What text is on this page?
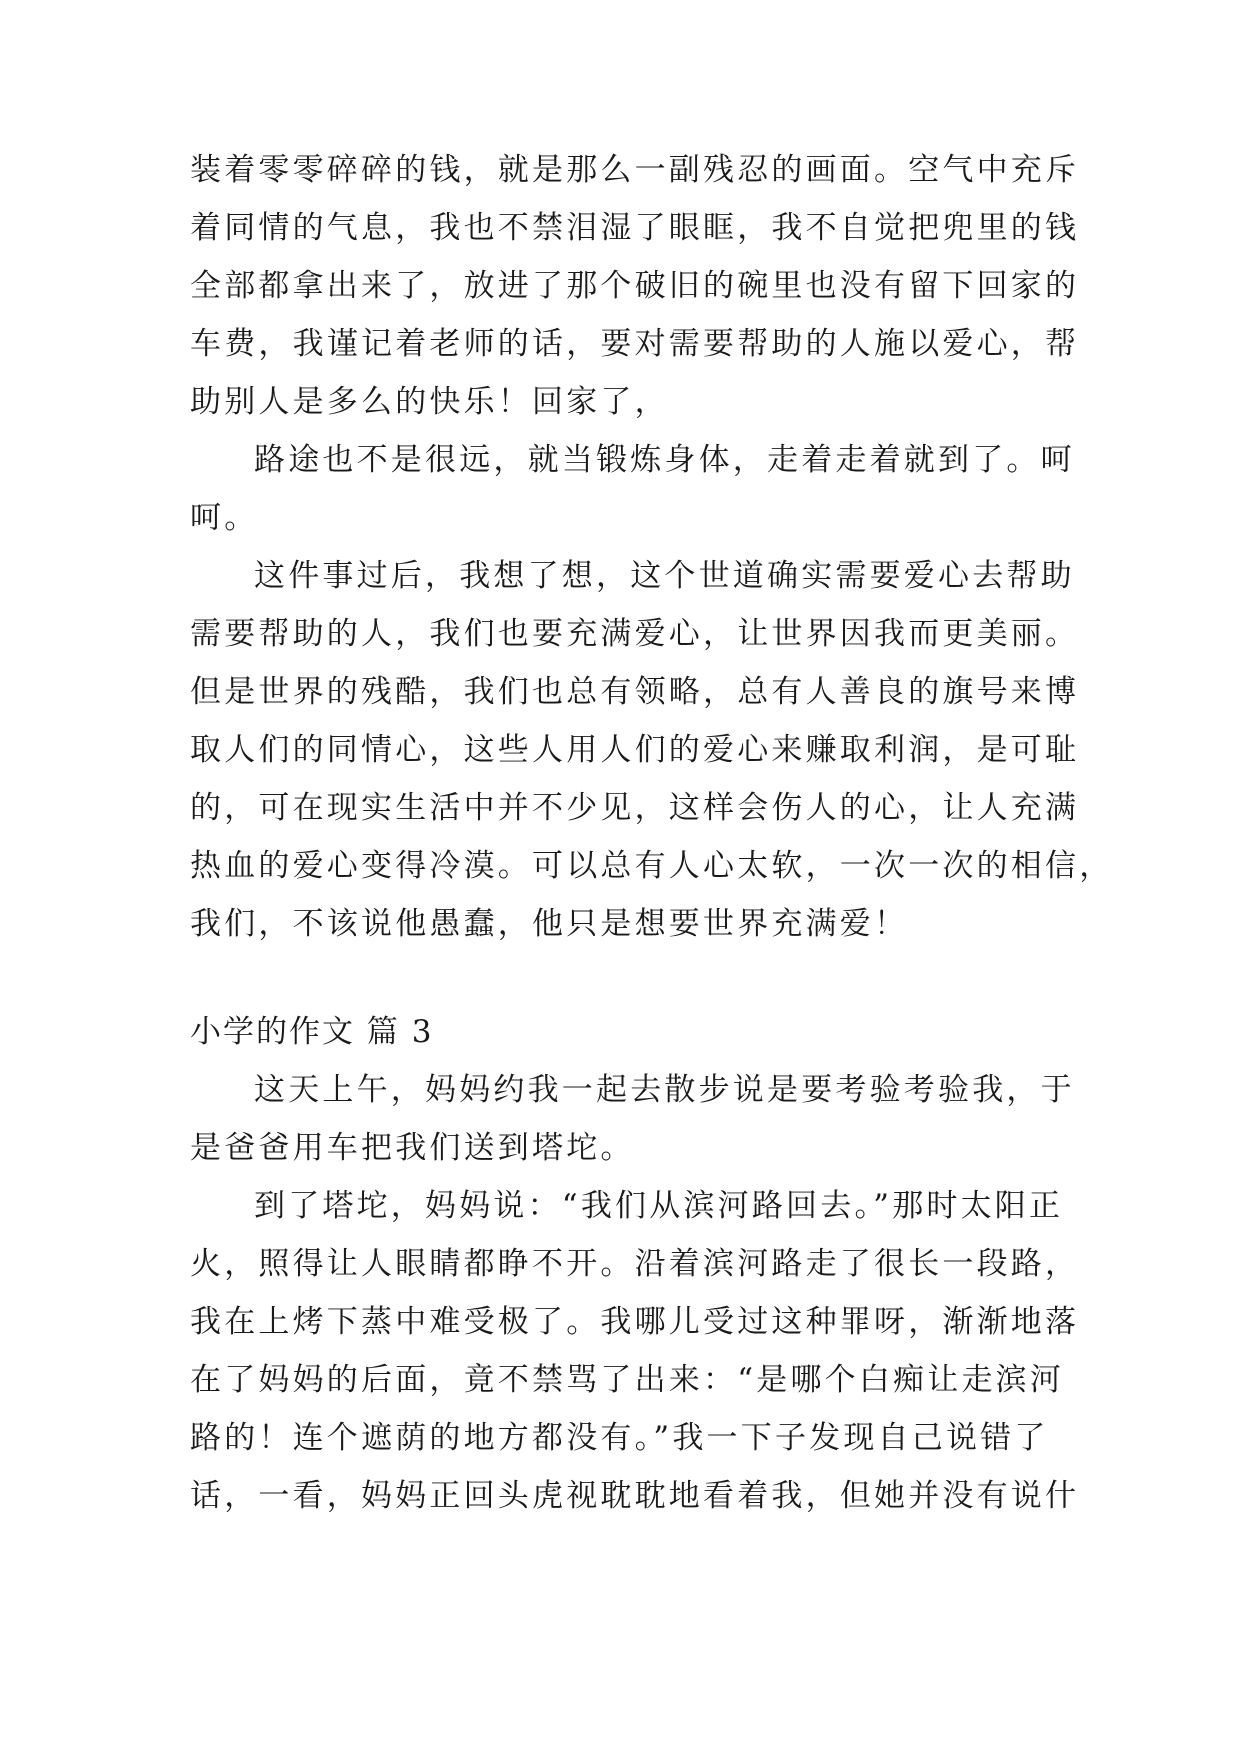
装着零零碎碎的钱，就是那么一副残忍的画面。空气中充斥
着同情的气息，我也不禁泪湿了眼眶，我不自觉把兜里的钱
全部都拿出来了，放进了那个破旧的碗里也没有留下回家的
车费，我谨记着老师的话，要对需要帮助的人施以爱心，帮
助别人是多么的快乐！回家了，
路途也不是很远，就当锻炼身体，走着走着就到了。呵
呵。
这件事过后，我想了想，这个世道确实需要爱心去帮助
需要帮助的人，我们也要充满爱心，让世界因我而更美丽。
但是世界的残酷，我们也总有领略，总有人善良的旗号来博
取人们的同情心，这些人用人们的爱心来赚取利润，是可耻
的，可在现实生活中并不少见，这样会伤人的心，让人充满
热血的爱心变得冷漠。可以总有人心太软，一次一次的相信，
我们，不该说他愚蠢，他只是想要世界充满爱！
小学的作文 篇 3
这天上午，妈妈约我一起去散步说是要考验考验我，于
是爸爸用车把我们送到塔坨。
到了塔坨，妈妈说：“我们从滨河路回去。”那时太阳正
火，照得让人眼睛都睁不开。沿着滨河路走了很长一段路，
我在上烤下蒸中难受极了。我哪儿受过这种罪呀，渐渐地落
在了妈妈的后面，竟不禁骂了出来：“是哪个白痴让走滨河
路的！连个遮荫的地方都没有。”我一下子发现自己说错了
话，一看，妈妈正回头虎视耽耽地看着我，但她并没有说什
